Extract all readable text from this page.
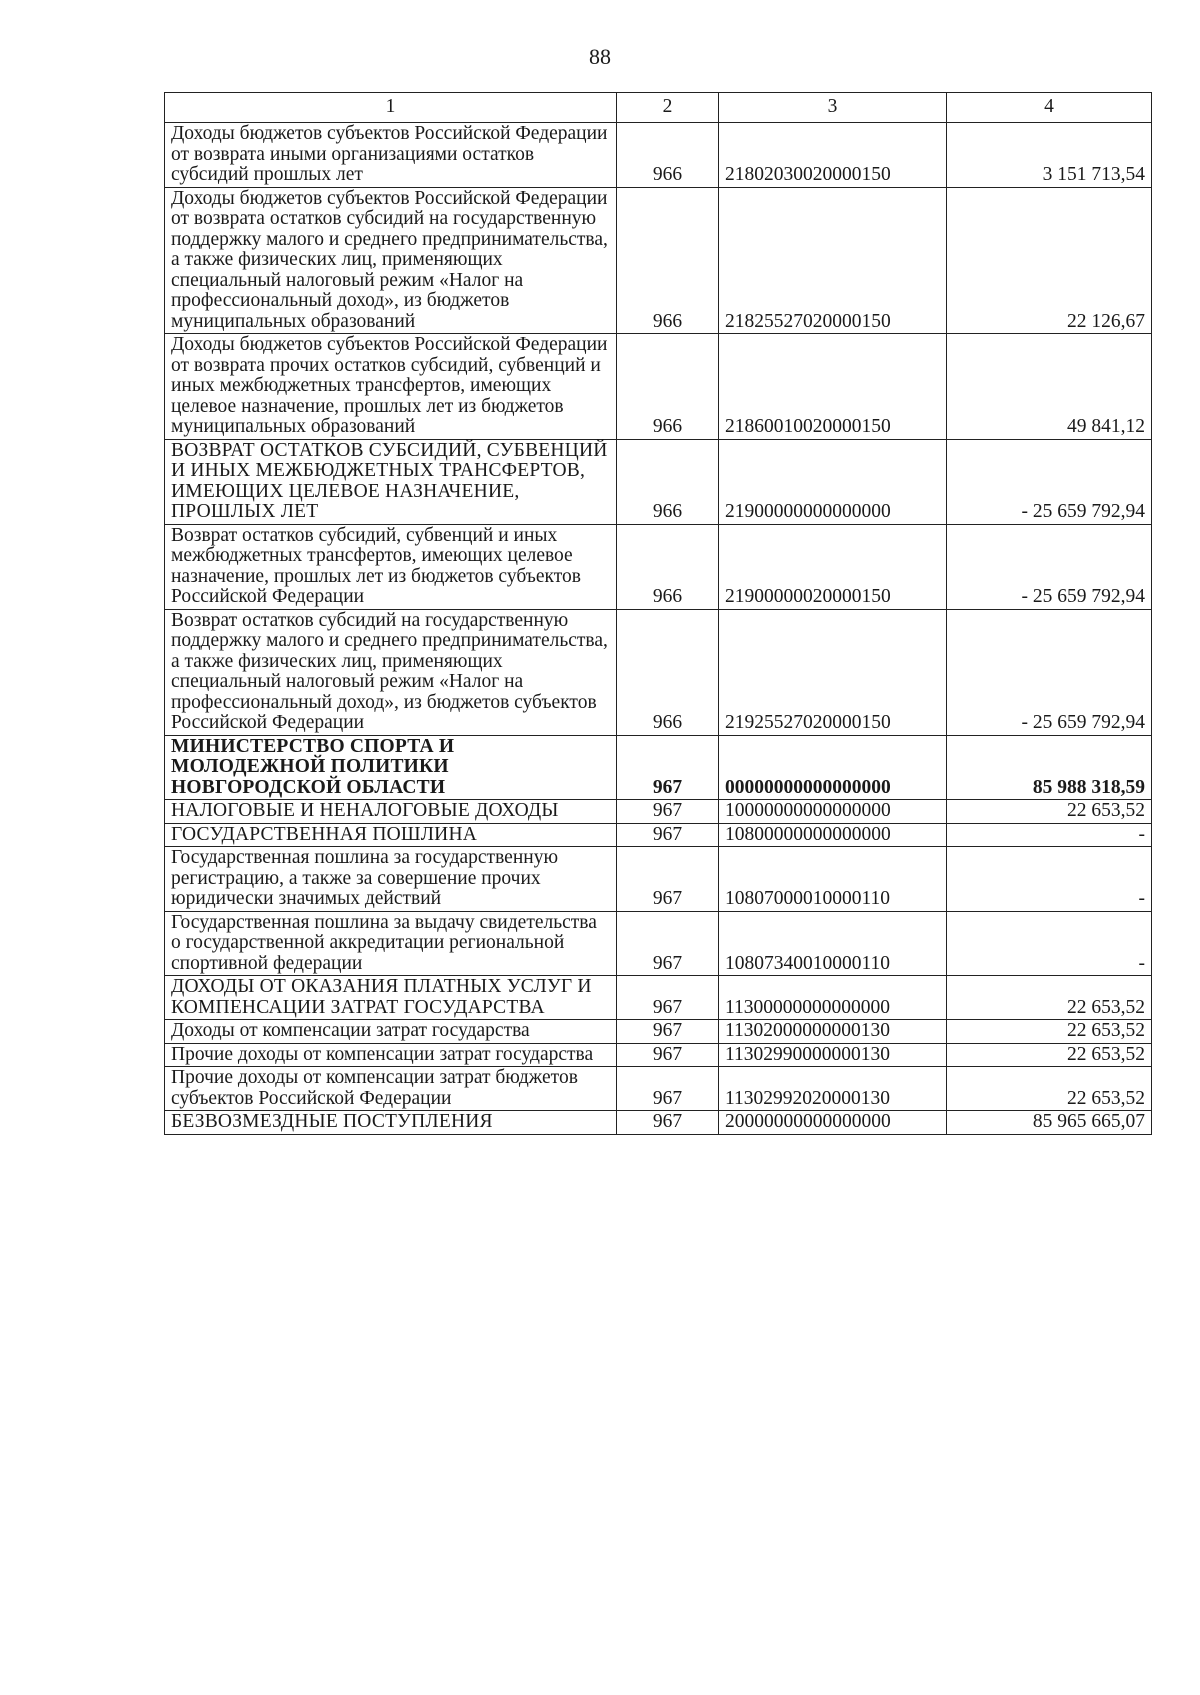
88
1	2	3	4
Доходы бюджетов субъектов Российской Федерации от возврата иными организациями остатков субсидий прошлых лет	966	21802030020000150	3 151 713,54
Доходы бюджетов субъектов Российской Федерации от возврата остатков субсидий на государственную поддержку малого и среднего предпринимательства, а также физических лиц, применяющих специальный налоговый режим «Налог на профессиональный доход», из бюджетов муниципальных образований	966	21825527020000150	22 126,67
Доходы бюджетов субъектов Российской Федерации от возврата прочих остатков субсидий, субвенций и иных межбюджетных трансфертов, имеющих целевое назначение, прошлых лет из бюджетов муниципальных образований	966	21860010020000150	49 841,12
ВОЗВРАТ ОСТАТКОВ СУБСИДИЙ, СУБВЕНЦИЙ И ИНЫХ МЕЖБЮДЖЕТНЫХ ТРАНСФЕРТОВ, ИМЕЮЩИХ ЦЕЛЕВОЕ НАЗНАЧЕНИЕ, ПРОШЛЫХ ЛЕТ	966	21900000000000000	- 25 659 792,94
Возврат остатков субсидий, субвенций и иных межбюджетных трансфертов, имеющих целевое назначение, прошлых лет из бюджетов субъектов Российской Федерации	966	21900000020000150	- 25 659 792,94
Возврат остатков субсидий на государственную поддержку малого и среднего предпринимательства, а также физических лиц, применяющих специальный налоговый режим «Налог на профессиональный доход», из бюджетов субъектов Российской Федерации	966	21925527020000150	- 25 659 792,94
МИНИСТЕРСТВО СПОРТА И МОЛОДЕЖНОЙ ПОЛИТИКИ НОВГОРОДСКОЙ ОБЛАСТИ	967	00000000000000000	85 988 318,59
НАЛОГОВЫЕ И НЕНАЛОГОВЫЕ ДОХОДЫ	967	10000000000000000	22 653,52
ГОСУДАРСТВЕННАЯ ПОШЛИНА	967	10800000000000000	-
Государственная пошлина за государственную регистрацию, а также за совершение прочих юридически значимых действий	967	10807000010000110	-
Государственная пошлина за выдачу свидетельства о государственной аккредитации региональной спортивной федерации	967	10807340010000110	-
ДОХОДЫ ОТ ОКАЗАНИЯ ПЛАТНЫХ УСЛУГ И КОМПЕНСАЦИИ ЗАТРАТ ГОСУДАРСТВА	967	11300000000000000	22 653,52
Доходы от компенсации затрат государства	967	11302000000000130	22 653,52
Прочие доходы от компенсации затрат государства	967	11302990000000130	22 653,52
Прочие доходы от компенсации затрат бюджетов субъектов Российской Федерации	967	11302992020000130	22 653,52
БЕЗВОЗМЕЗДНЫЕ ПОСТУПЛЕНИЯ	967	20000000000000000	85 965 665,07
